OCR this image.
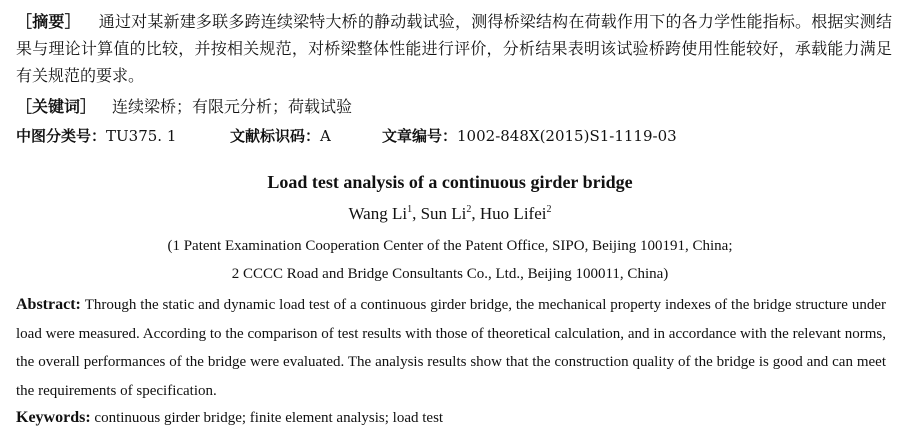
［摘要］ 通过对某新建多联多跨连续梁特大桥的静动载试验，测得桥梁结构在荷载作用下的各力学性能指标。根据实测结果与理论计算值的比较，并按相关规范，对桥梁整体性能进行评价，分析结果表明该试验桥跨使用性能较好，承载能力满足有关规范的要求。
［关键词］ 连续梁桥；有限元分析；荷载试验
中图分类号：TU375. 1	文献标识码：A	文章编号：1002-848X(2015)S1-1119-03
Load test analysis of a continuous girder bridge
Wang Li$^1$, Sun Li$^2$, Huo Lifei$^2$
(1 Patent Examination Cooperation Center of the Patent Office, SIPO, Beijing 100191, China;
2 CCCC Road and Bridge Consultants Co., Ltd., Beijing 100011, China)
Abstract: Through the static and dynamic load test of a continuous girder bridge, the mechanical property indexes of the bridge structure under load were measured. According to the comparison of test results with those of theoretical calculation, and in accordance with the relevant norms, the overall performances of the bridge were evaluated. The analysis results show that the construction quality of the bridge is good and can meet the requirements of specification.
Keywords: continuous girder bridge; finite element analysis; load test
